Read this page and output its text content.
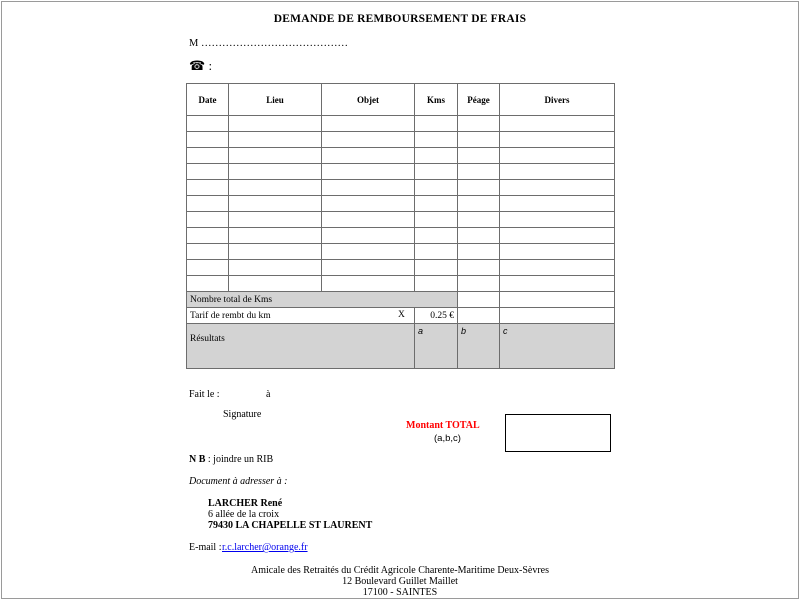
DEMANDE DE REMBOURSEMENT DE FRAIS
M ……………………………………
☎ :
Date	Lieu	Objet	Kms	Péage	Divers

Nombre total de Kms					
Tarif de rembt du km X			0.25 €		

Résultats			a	b	c
Fait le :	à
Signature
Montant TOTAL
(a,b,c)
N B : joindre un RIB
Document à adresser à :
LARCHER René
6 allée de la croix
79430 LA CHAPELLE ST LAURENT
E-mail : r.c.larcher@orange.fr
Amicale des Retraités du Crédit Agricole Charente-Maritime Deux-Sèvres
12 Boulevard Guillet Maillet
17100 - SAINTES
